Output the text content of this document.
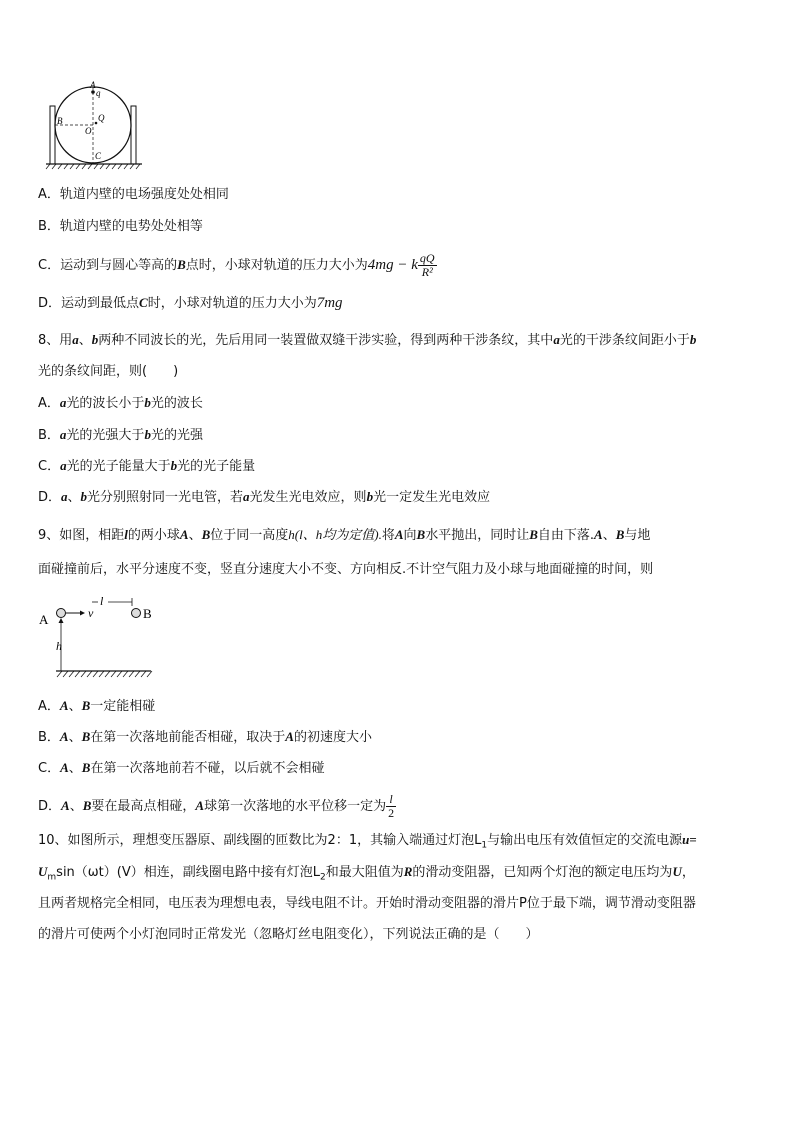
A
q
B
O
Q
C
A．轨道内壁的电场强度处处相同
B．轨道内壁的电势处处相等
C．运动到与圆心等高的B点时，小球对轨道的压力大小为4mg − k $\frac{qQ}{\text{R²}}$
D．运动到最低点C时，小球对轨道的压力大小为7mg
8、用a、b两种不同波长的光，先后用同一装置做双缝干涉实验，得到两种干涉条纹，其中a光的干涉条纹间距小于b
光的条纹间距，则(　　)
A．a光的波长小于b光的波长
B．a光的光强大于b光的光强
C．a光的光子能量大于b光的光子能量
D．a、b光分别照射同一光电管，若a光发生光电效应，则b光一定发生光电效应
9、如图，相距l的两小球A、B位于同一高度h(l、h均为定值).将A向B水平抛出，同时让B自由下落.A、B与地
面碰撞前后，水平分速度不变，竖直分速度大小不变、方向相反.不计空气阻力及小球与地面碰撞的时间，则
A	B
v
l
h
A．A、B一定能相碰
B．A、B在第一次落地前能否相碰，取决于A的初速度大小
C．A、B在第一次落地前若不碰，以后就不会相碰
D．A、B要在最高点相碰，A球第一次落地的水平位移一定为 $\frac{l}{2}$
10、如图所示，理想变压器原、副线圈的匝数比为2：1，其输入端通过灯泡$L_1$与输出电压有效值恒定的交流电源u=
$U_m\sin(\omega t)(V)$相连，副线圈电路中接有灯泡$L_2$和最大阻值为R的滑动变阻器，已知两个灯泡的额定电压均为U，
且两者规格完全相同，电压表为理想电表，导线电阻不计。开始时滑动变阻器的滑片P位于最下端，调节滑动变阻器
的滑片可使两个小灯泡同时正常发光（忽略灯丝电阻变化），下列说法正确的是（　　）
